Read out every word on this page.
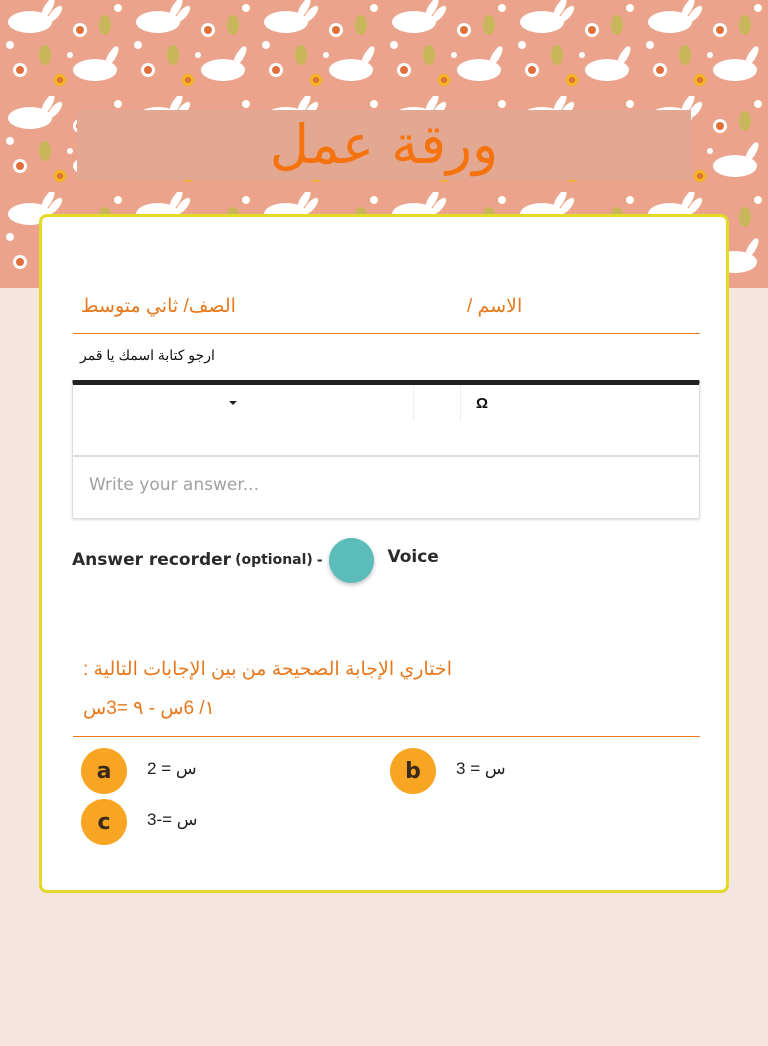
ورقة عمل
الاسم /
الصف/ ثاني متوسط
ارجو كتابة اسمك يا قمر
Ω
Write your answer...
Answer recorder (optional) -	Voice
اختاري الإجابة الصحيحة من بين الإجابات التالية :
١/ 6س - ٩ =3س
a	س = 2	b	س = 3
c	س =-3
